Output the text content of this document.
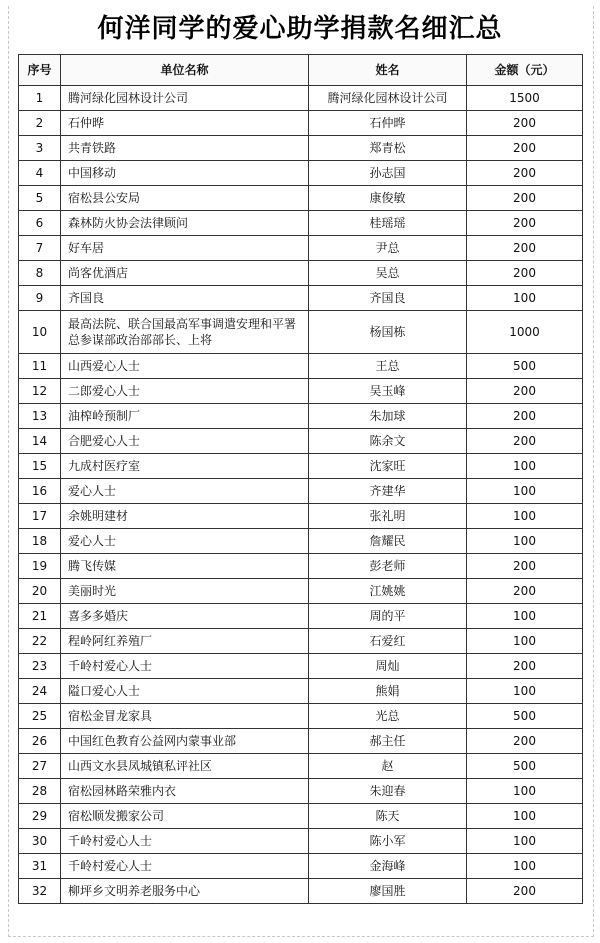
何洋同学的爱心助学捐款名细汇总
序号	单位名称	姓名	金额（元）
1	腾河绿化园林设计公司	腾河绿化园林设计公司	1500
2	石仲晔	石仲晔	200
3	共青铁路	郑青松	200
4	中国移动	孙志国	200
5	宿松县公安局	康俊敏	200
6	森林防火协会法律顾问	桂瑶瑶	200
7	好车居	尹总	200
8	尚客优酒店	吴总	200
9	齐国良	齐国良	100
10	最高法院、联合国最高军事调遣安理和平署总参谋部政治部部长、上将	杨国栋	1000
11	山西爱心人士	王总	500
12	二郎爱心人士	吴玉峰	200
13	油榨岭预制厂	朱加球	200
14	合肥爱心人士	陈余文	200
15	九成村医疗室	沈家旺	100
16	爱心人士	齐建华	100
17	余姚明建材	张礼明	100
18	爱心人士	詹耀民	100
19	腾飞传媒	彭老师	200
20	美丽时光	江姚姚	200
21	喜多多婚庆	周的平	100
22	程岭阿红养殖厂	石爱红	100
23	千岭村爱心人士	周灿	200
24	隘口爱心人士	熊娟	100
25	宿松金冒龙家具	光总	500
26	中国红色教育公益网内蒙事业部	郝主任	200
27	山西文水县凤城镇私评社区	赵	500
28	宿松园林路荣雅内衣	朱迎春	100
29	宿松顺发搬家公司	陈天	100
30	千岭村爱心人士	陈小军	100
31	千岭村爱心人士	金海峰	100
32	柳坪乡文明养老服务中心	廖国胜	200
